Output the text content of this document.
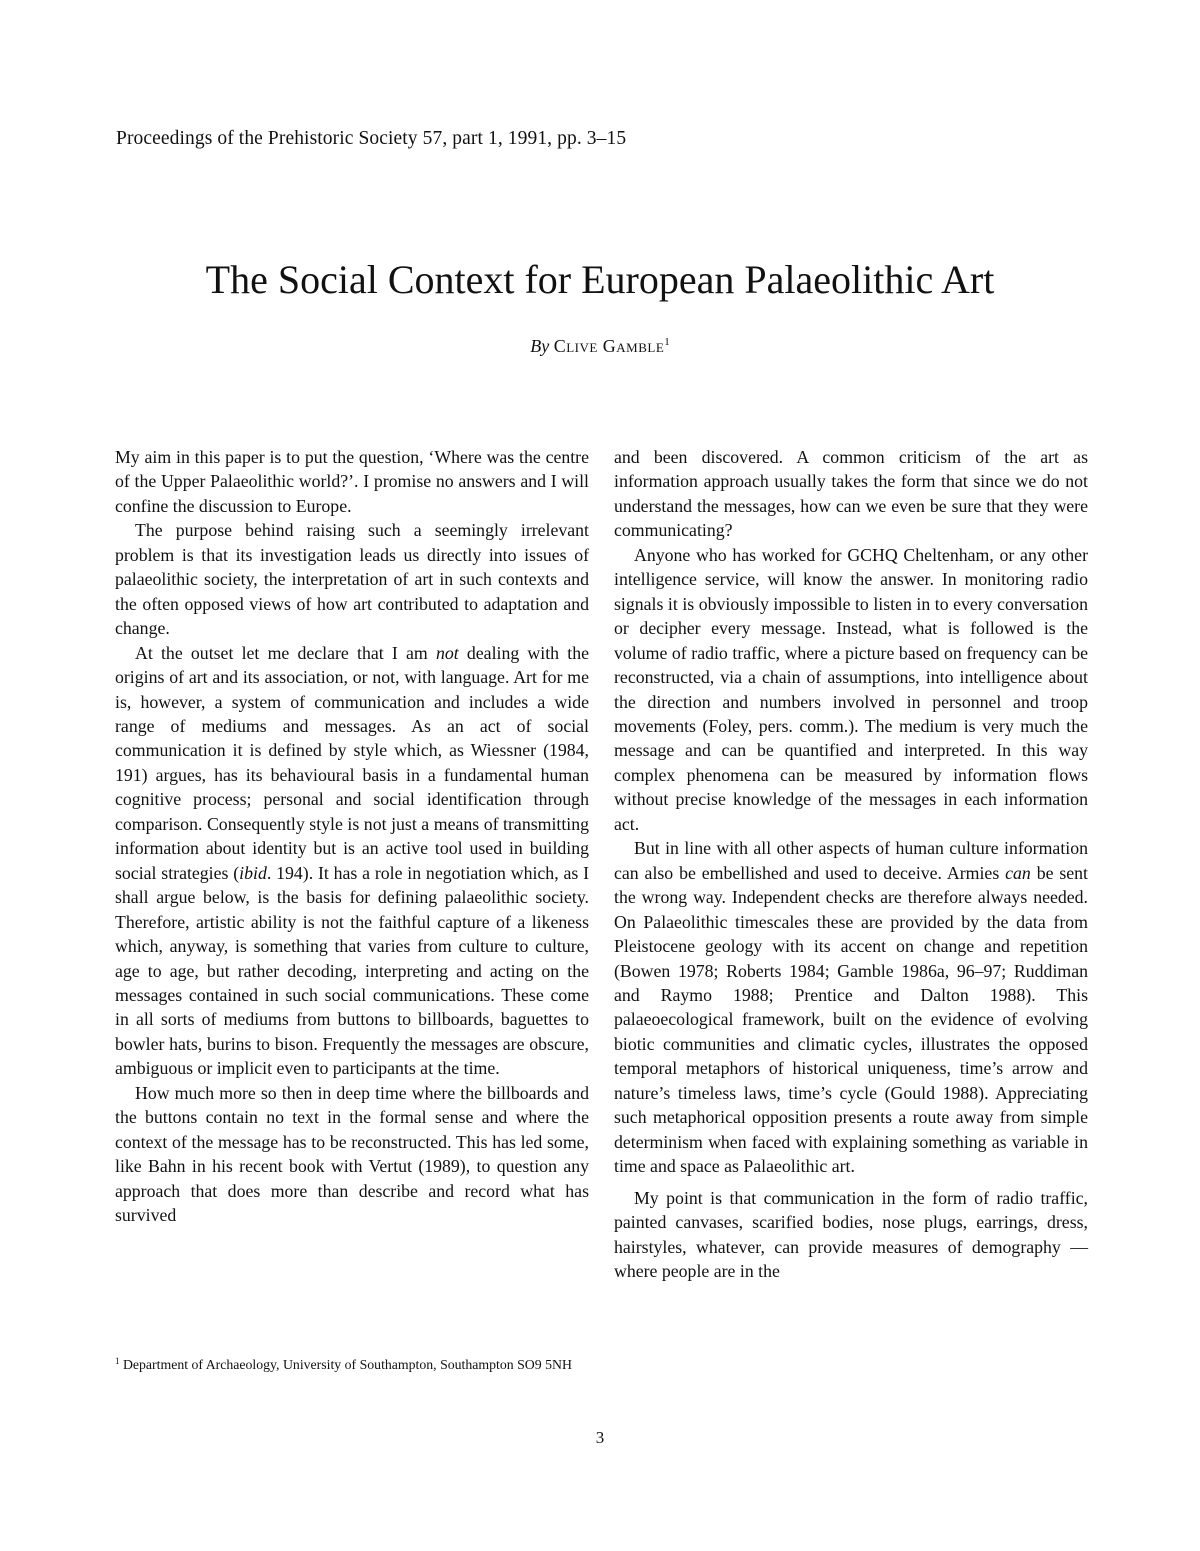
Proceedings of the Prehistoric Society 57, part 1, 1991, pp. 3–15
The Social Context for European Palaeolithic Art
By Clive Gamble$^1$

My aim in this paper is to put the question, ‘Where was the centre of the Upper Palaeolithic world?’. I promise no answers and I will confine the discussion to Europe.

The purpose behind raising such a seemingly irrelevant problem is that its investigation leads us directly into issues of palaeolithic society, the interpretation of art in such contexts and the often opposed views of how art contributed to adaptation and change.

At the outset let me declare that I am not dealing with the origins of art and its association, or not, with language. Art for me is, however, a system of communication and includes a wide range of mediums and messages. As an act of social communication it is defined by style which, as Wiessner (1984, 191) argues, has its behavioural basis in a fundamental human cognitive process; personal and social identification through comparison. Consequently style is not just a means of transmitting information about identity but is an active tool used in building social strategies (ibid. 194). It has a role in negotiation which, as I shall argue below, is the basis for defining palaeolithic society. Therefore, artistic ability is not the faithful capture of a likeness which, anyway, is something that varies from culture to culture, age to age, but rather decoding, interpreting and acting on the messages contained in such social communications. These come in all sorts of mediums from buttons to billboards, baguettes to bowler hats, burins to bison. Frequently the messages are obscure, ambiguous or implicit even to participants at the time.

How much more so then in deep time where the billboards and the buttons contain no text in the formal sense and where the context of the message has to be reconstructed. This has led some, like Bahn in his recent book with Vertut (1989), to question any approach that does more than describe and record what has survived

and been discovered. A common criticism of the art as information approach usually takes the form that since we do not understand the messages, how can we even be sure that they were communicating?

Anyone who has worked for GCHQ Cheltenham, or any other intelligence service, will know the answer. In monitoring radio signals it is obviously impossible to listen in to every conversation or decipher every message. Instead, what is followed is the volume of radio traffic, where a picture based on frequency can be reconstructed, via a chain of assumptions, into intelligence about the direction and numbers involved in personnel and troop movements (Foley, pers. comm.). The medium is very much the message and can be quantified and interpreted. In this way complex phenomena can be measured by information flows without precise knowledge of the messages in each information act.

But in line with all other aspects of human culture information can also be embellished and used to deceive. Armies can be sent the wrong way. Independent checks are therefore always needed. On Palaeolithic timescales these are provided by the data from Pleistocene geology with its accent on change and repetition (Bowen 1978; Roberts 1984; Gamble 1986a, 96–97; Ruddiman and Raymo 1988; Prentice and Dalton 1988). This palaeoecological framework, built on the evidence of evolving biotic communities and climatic cycles, illustrates the opposed temporal metaphors of historical uniqueness, time’s arrow and nature’s timeless laws, time’s cycle (Gould 1988). Appreciating such metaphorical opposition presents a route away from simple determinism when faced with explaining something as variable in time and space as Palaeolithic art.

My point is that communication in the form of radio traffic, painted canvases, scarified bodies, nose plugs, earrings, dress, hairstyles, whatever, can provide measures of demography — where people are in the

$^1$ Department of Archaeology, University of Southampton, Southampton SO9 5NH
3
